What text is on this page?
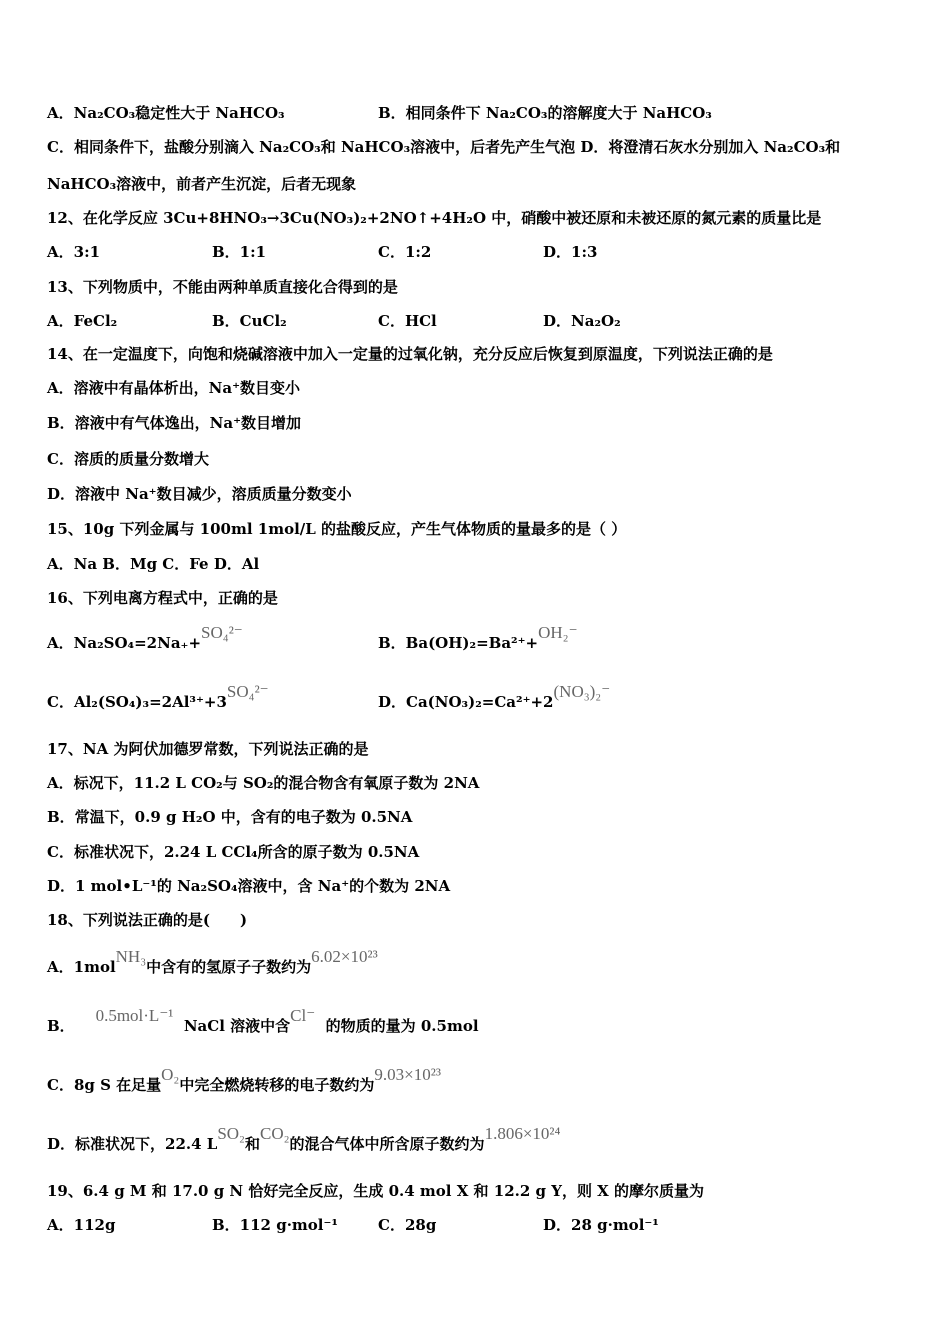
A．Na₂CO₃稳定性大于 NaHCO₃	B．相同条件下 Na₂CO₃的溶解度大于 NaHCO₃
C．相同条件下，盐酸分别滴入 Na₂CO₃和 NaHCO₃溶液中，后者先产生气泡 D．将澄清石灰水分别加入 Na₂CO₃和
NaHCO₃溶液中，前者产生沉淀，后者无现象
12、在化学反应 3Cu+8HNO₃→3Cu(NO₃)₂+2NO↑+4H₂O 中，硝酸中被还原和未被还原的氮元素的质量比是
A．3:1	B．1:1	C．1:2	D．1:3
13、下列物质中，不能由两种单质直接化合得到的是
A．FeCl₂	B．CuCl₂	C．HCl	D．Na₂O₂
14、在一定温度下，向饱和烧碱溶液中加入一定量的过氧化钠，充分反应后恢复到原温度，下列说法正确的是
A．溶液中有晶体析出，Na⁺数目变小
B．溶液中有气体逸出，Na⁺数目增加
C．溶质的质量分数增大
D．溶液中 Na⁺数目减少，溶质质量分数变小
15、10g 下列金属与 100ml 1mol/L 的盐酸反应，产生气体物质的量最多的是（ ）
A．Na B．Mg C．Fe D．Al
16、下列电离方程式中，正确的是
A．Na₂SO₄=2Na₊+SO₄²⁻
B．Ba(OH)₂=Ba²⁺+OH₂⁻
C．Al₂(SO₄)₃=2Al³⁺+3SO₄²⁻
D．Ca(NO₃)₂=Ca²⁺+2(NO₃)₂⁻
17、NA 为阿伏加德罗常数，下列说法正确的是
A．标况下，11.2 L CO₂与 SO₂的混合物含有氧原子数为 2NA
B．常温下，0.9 g H₂O 中，含有的电子数为 0.5NA
C．标准状况下，2.24 L CCl₄所含的原子数为 0.5NA
D．1 mol•L⁻¹的 Na₂SO₄溶液中，含 Na⁺的个数为 2NA
18、下列说法正确的是(　　)
A．1molNH₃中含有的氢原子子数约为6.02×10²³
B．    0.5mol·L⁻¹  NaCl 溶液中含Cl⁻  的物质的量为 0.5mol
C．8g S 在足量O₂中完全燃烧转移的电子数约为9.03×10²³
D．标准状况下，22.4 LSO₂和CO₂的混合气体中所含原子数约为1.806×10²⁴
19、6.4 g M 和 17.0 g N 恰好完全反应，生成 0.4 mol X 和 12.2 g Y，则 X 的摩尔质量为
A．112g	B．112 g·mol⁻¹	C．28g	D．28 g·mol⁻¹
